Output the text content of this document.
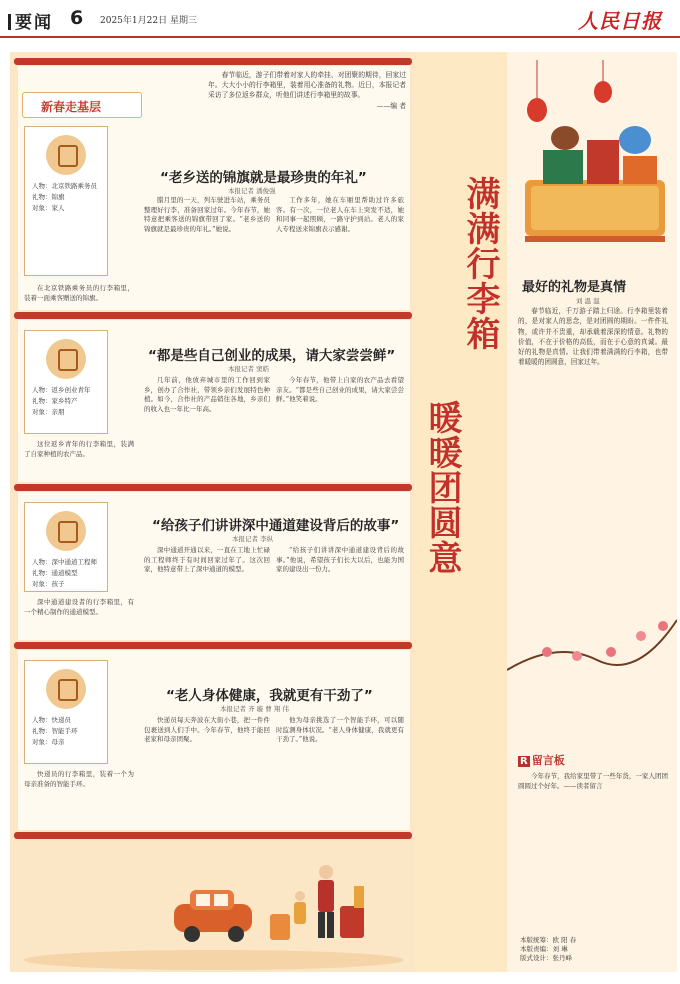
要闻 6 2025年1月22日 星期三	人民日报
新春走基层

春节临近，游子们带着对家人的牵挂、对团聚的期待，回家过年。大大小小的行李箱里，装着用心准备的礼物。近日，本报记者采访了多位返乡群众，听他们讲述行李箱里的故事。

——编 者
人物：北京铁路乘务员
礼物：锦旗
对象：家人

在北京铁路乘务员的行李箱里，装着一面乘客赠送的锦旗。

“老乡送的锦旗就是最珍贵的年礼”
本报记者 潘俊强

腊月里的一天，列车驶进车站，乘务员整理好行李，准备回家过年。今年春节，她特意把乘客送的锦旗带回了家。“老乡送的锦旗就是最珍贵的年礼。”她说。

工作多年，她在车厢里帮助过许多旅客。有一次，一位老人在车上突发不适，她和同事一起照顾，一路守护到站。老人的家人专程送来锦旗表示感谢。

人物：返乡创业青年
礼物：家乡特产
对象：亲朋

这位返乡青年的行李箱里，装满了自家种植的农产品。

“都是些自己创业的成果，请大家尝尝鲜”
本报记者 窦皓

几年前，他放弃城市里的工作回到家乡，创办了合作社，带领乡亲们发展特色种植。如今，合作社的产品销往各地，乡亲们的收入也一年比一年高。

今年春节，他带上自家的农产品去看望亲友。“都是些自己创业的成果，请大家尝尝鲜。”他笑着说。

人物：深中通道工程师
礼物：通道模型
对象：孩子

深中通道建设者的行李箱里，有一个精心制作的通道模型。

“给孩子们讲讲深中通道建设背后的故事”
本报记者 李纵

深中通道开通以来，一直在工地上忙碌的工程师终于有时间回家过年了。这次回家，他特意带上了深中通道的模型。

“给孩子们讲讲深中通道建设背后的故事。”他说，希望孩子们长大以后，也能为国家的建设出一份力。

人物：快递员
礼物：智能手环
对象：母亲

快递员的行李箱里，装着一个为母亲准备的智能手环。

“老人身体健康，我就更有干劲了”
本报记者 齐 璇 曹 翔 伟

快递员每天奔波在大街小巷，把一件件包裹送到人们手中。今年春节，他终于能回老家和母亲团聚。

他为母亲挑选了一个智能手环，可以随时监测身体状况。“老人身体健康，我就更有干劲了。”他说。

满满行李箱
暖暖团圆意
最好的礼物是真情
刘 温 温

春节临近，千万游子踏上归途。行李箱里装着的，是对家人的思念，是对团圆的期盼。一件件礼物，或许并不贵重，却承载着深深的情意。礼物的价值，不在于价格的高低，而在于心意的真诚。最好的礼物是真情。让我们带着满满的行李箱，也带着暖暖的团圆意，回家过年。

R 留言板

今年春节，我给家里带了一些年货，一家人团团圆圆过个好年。——读者留言

本版统筹：欧 阳 春
本版责编：刘 琳
版式设计：张丹峰
